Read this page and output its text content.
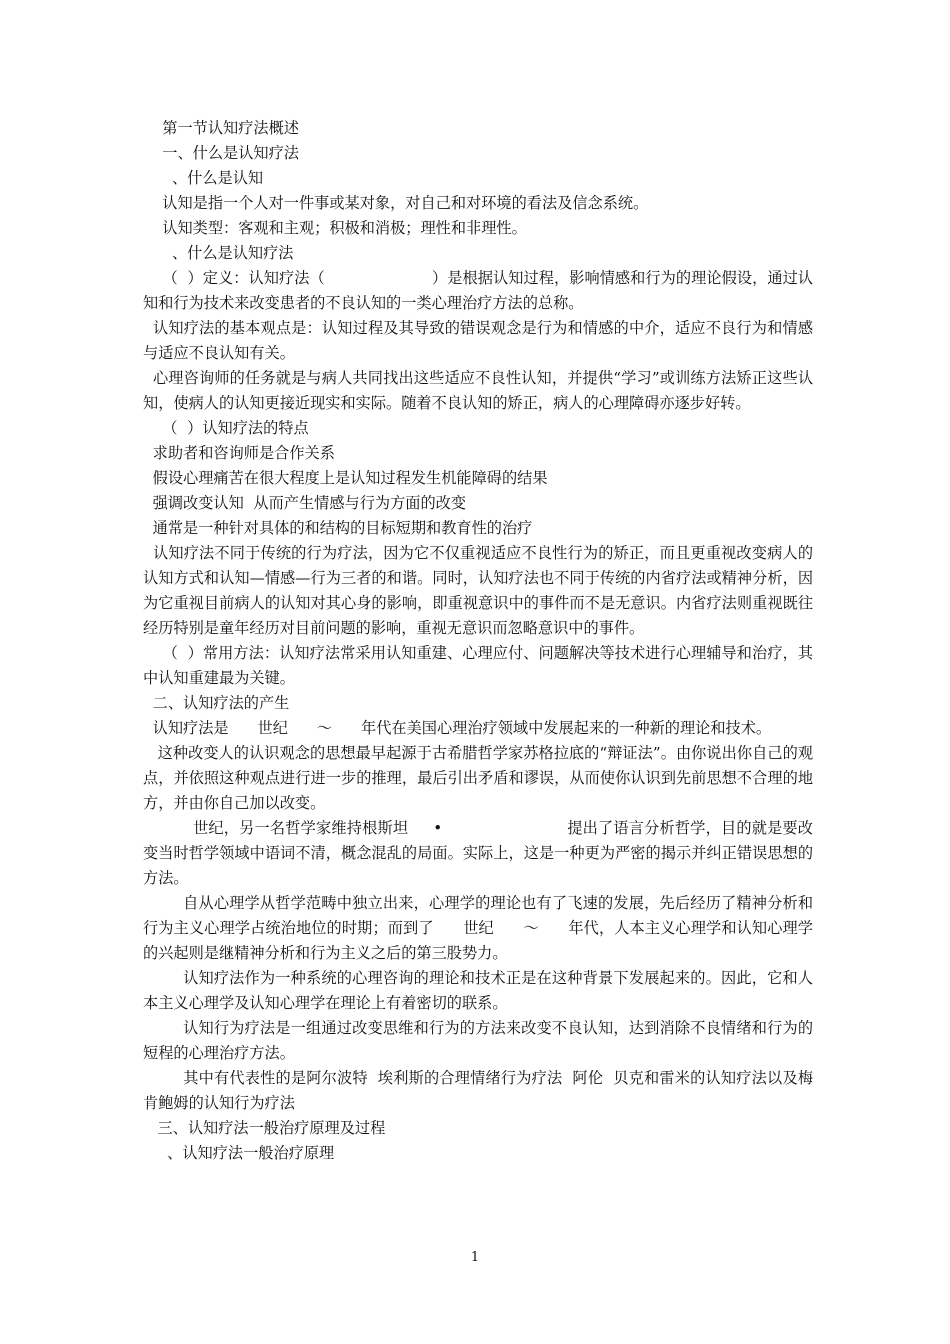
第一节认知疗法概述
一、什么是认知疗法
、什么是认知
认知是指一个人对一件事或某对象，对自己和对环境的看法及信念系统。
认知类型：客观和主观；积极和消极；理性和非理性。
、什么是认知疗法
（  ）定义：认知疗法（                      ）是根据认知过程，影响情感和行为的理论假设，通过认知和行为技术来改变患者的不良认知的一类心理治疗方法的总称。
认知疗法的基本观点是：认知过程及其导致的错误观念是行为和情感的中介，适应不良行为和情感与适应不良认知有关。
心理咨询师的任务就是与病人共同找出这些适应不良性认知，并提供“学习”或训练方法矫正这些认知，使病人的认知更接近现实和实际。随着不良认知的矫正，病人的心理障碍亦逐步好转。
（  ）认知疗法的特点
求助者和咨询师是合作关系
假设心理痛苦在很大程度上是认知过程发生机能障碍的结果
强调改变认知  从而产生情感与行为方面的改变
通常是一种针对具体的和结构的目标短期和教育性的治疗
认知疗法不同于传统的行为疗法，因为它不仅重视适应不良性行为的矫正，而且更重视改变病人的认知方式和认知—情感—行为三者的和谐。同时，认知疗法也不同于传统的内省疗法或精神分析，因为它重视目前病人的认知对其心身的影响，即重视意识中的事件而不是无意识。内省疗法则重视既往经历特别是童年经历对目前问题的影响，重视无意识而忽略意识中的事件。
（  ）常用方法：认知疗法常采用认知重建、心理应付、问题解决等技术进行心理辅导和治疗，其中认知重建最为关键。
二、认知疗法的产生
认知疗法是      世纪      ～      年代在美国心理治疗领域中发展起来的一种新的理论和技术。
这种改变人的认识观念的思想最早起源于古希腊哲学家苏格拉底的“辩证法”。由你说出你自己的观点，并依照这种观点进行进一步的推理，最后引出矛盾和谬误，从而使你认识到先前思想不合理的地方，并由你自己加以改变。
世纪，另一名哲学家维持根斯坦     •                         提出了语言分析哲学，目的就是要改变当时哲学领域中语词不清，概念混乱的局面。实际上，这是一种更为严密的揭示并纠正错误思想的方法。
自从心理学从哲学范畴中独立出来，心理学的理论也有了飞速的发展，先后经历了精神分析和行为主义心理学占统治地位的时期；而到了      世纪      ～      年代，人本主义心理学和认知心理学的兴起则是继精神分析和行为主义之后的第三股势力。
认知疗法作为一种系统的心理咨询的理论和技术正是在这种背景下发展起来的。因此，它和人本主义心理学及认知心理学在理论上有着密切的联系。
认知行为疗法是一组通过改变思维和行为的方法来改变不良认知，达到消除不良情绪和行为的短程的心理治疗方法。
其中有代表性的是阿尔波特  埃利斯的合理情绪行为疗法  阿伦  贝克和雷米的认知疗法以及梅肯鲍姆的认知行为疗法
三、认知疗法一般治疗原理及过程
、认知疗法一般治疗原理
1
